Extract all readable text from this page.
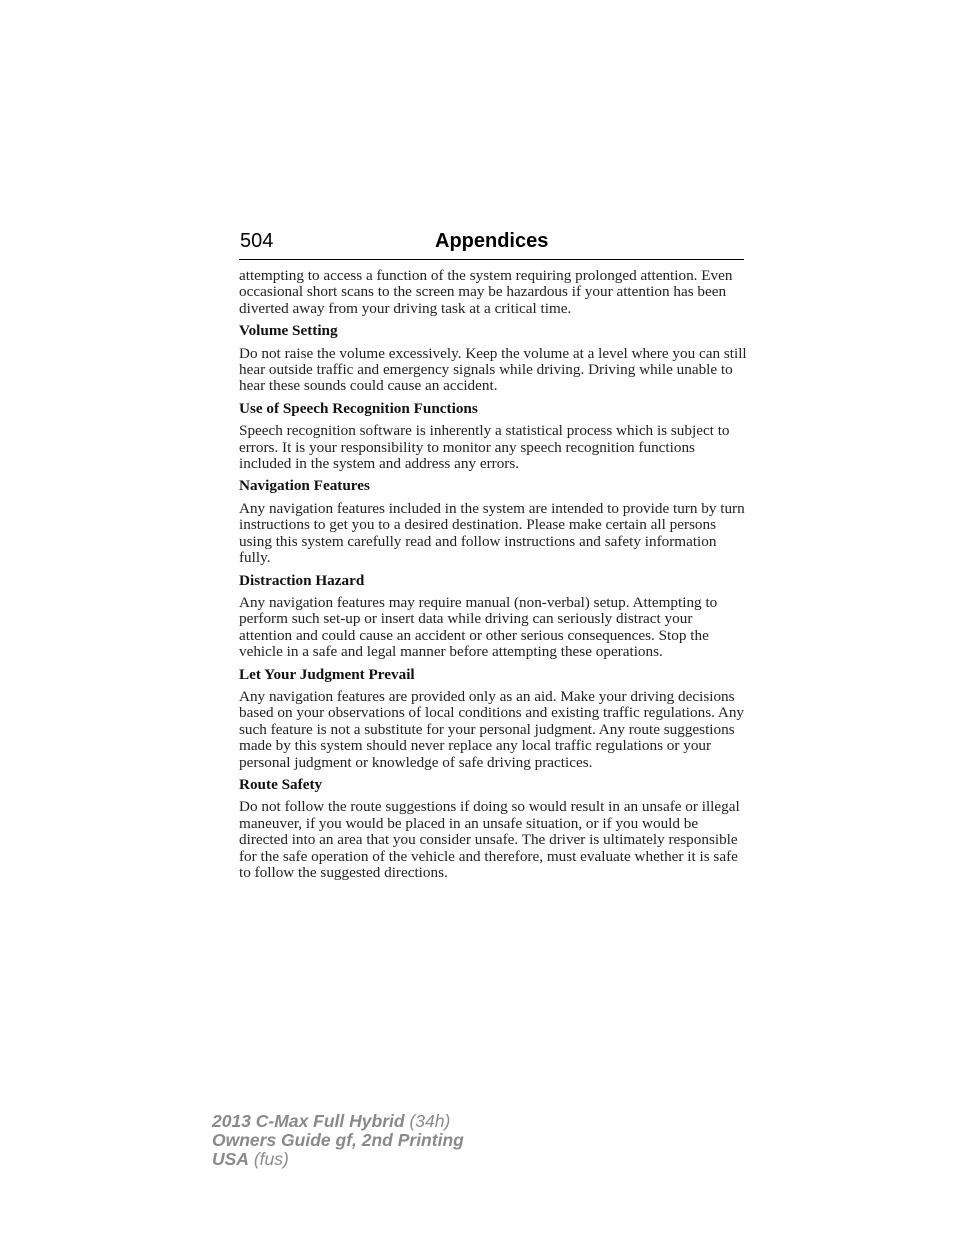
504	Appendices

attempting to access a function of the system requiring prolonged attention. Even occasional short scans to the screen may be hazardous if your attention has been diverted away from your driving task at a critical time.

Volume Setting

Do not raise the volume excessively. Keep the volume at a level where you can still hear outside traffic and emergency signals while driving. Driving while unable to hear these sounds could cause an accident.

Use of Speech Recognition Functions

Speech recognition software is inherently a statistical process which is subject to errors. It is your responsibility to monitor any speech recognition functions included in the system and address any errors.

Navigation Features

Any navigation features included in the system are intended to provide turn by turn instructions to get you to a desired destination. Please make certain all persons using this system carefully read and follow instructions and safety information fully.

Distraction Hazard

Any navigation features may require manual (non-verbal) setup. Attempting to perform such set-up or insert data while driving can seriously distract your attention and could cause an accident or other serious consequences. Stop the vehicle in a safe and legal manner before attempting these operations.

Let Your Judgment Prevail

Any navigation features are provided only as an aid. Make your driving decisions based on your observations of local conditions and existing traffic regulations. Any such feature is not a substitute for your personal judgment. Any route suggestions made by this system should never replace any local traffic regulations or your personal judgment or knowledge of safe driving practices.

Route Safety

Do not follow the route suggestions if doing so would result in an unsafe or illegal maneuver, if you would be placed in an unsafe situation, or if you would be directed into an area that you consider unsafe. The driver is ultimately responsible for the safe operation of the vehicle and therefore, must evaluate whether it is safe to follow the suggested directions.

2013 C-Max Full Hybrid (34h)
Owners Guide gf, 2nd Printing
USA (fus)
